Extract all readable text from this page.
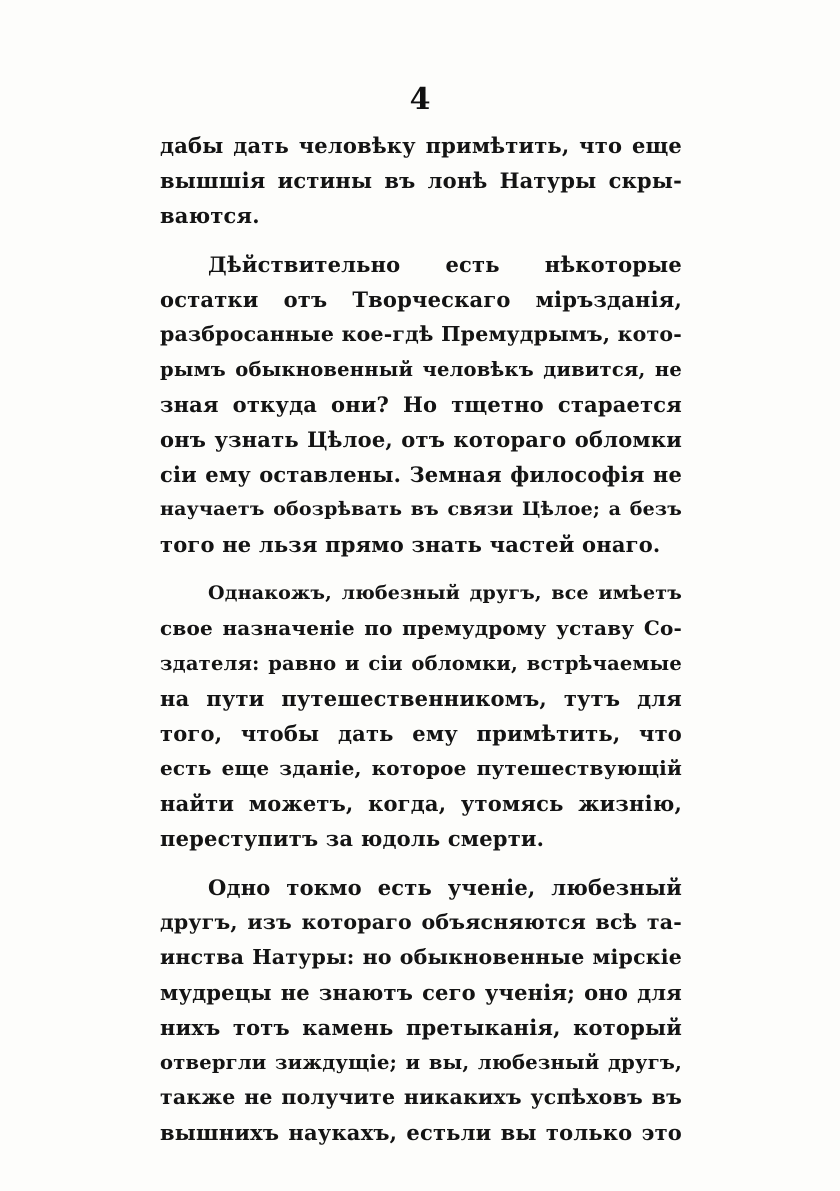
4
дабы дать человѣку примѣтить, что еще
вышшія истины въ лонѣ Натуры скры-
ваются.
Дѣйствительно есть нѣкоторые
остатки отъ Творческаго міръзданія,
разбросанные кое-гдѣ Премудрымъ, кото-
рымъ обыкновенный человѣкъ дивится, не
зная откуда они? Но тщетно старается
онъ узнать Цѣлое, отъ котораго обломки
сіи ему оставлены. Земная философія не
научаетъ обозрѣвать въ связи Цѣлое; а безъ
того не льзя прямо знать частей онаго.
Однакожъ, любезный другъ, все имѣетъ
свое назначеніе по премудрому уставу Со-
здателя: равно и сіи обломки, встрѣчаемые
на пути путешественникомъ, тутъ для
того, чтобы дать ему примѣтить, что
есть еще зданіе, которое путешествующій
найти можетъ, когда, утомясь жизнію,
переступитъ за юдоль смерти.
Одно токмо есть ученіе, любезный
другъ, изъ котораго объясняются всѣ та-
инства Натуры: но обыкновенные мірскіе
мудрецы не знаютъ сего ученія; оно для
нихъ тотъ камень претыканія, который
отвергли зиждущіе; и вы, любезный другъ,
также не получите никакихъ успѣховъ въ
вышнихъ наукахъ, естьли вы только это
